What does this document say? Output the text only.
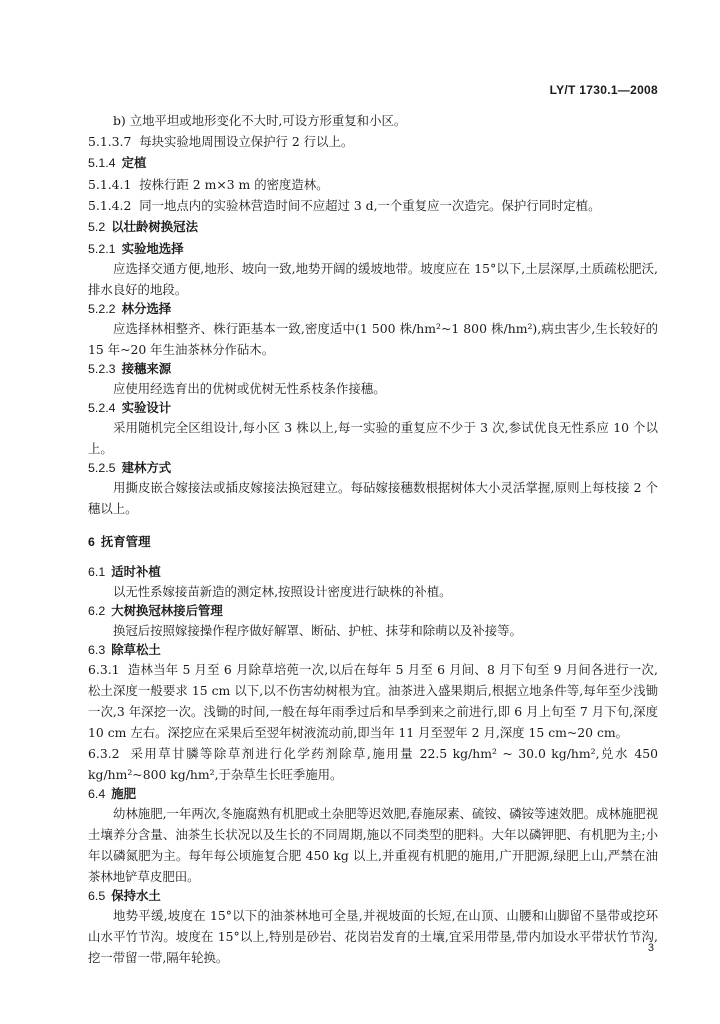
LY/T 1730.1—2008
b) 立地平坦或地形变化不大时,可设方形重复和小区。
5.1.3.7 每块实验地周围设立保护行 2 行以上。
5.1.4 定植
5.1.4.1 按株行距 2 m×3 m 的密度造林。
5.1.4.2 同一地点内的实验林营造时间不应超过 3 d,一个重复应一次造完。保护行同时定植。
5.2 以壮龄树换冠法
5.2.1 实验地选择
应选择交通方便,地形、坡向一致,地势开阔的缓坡地带。坡度应在 15°以下,土层深厚,土质疏松肥沃,排水良好的地段。
5.2.2 林分选择
应选择林相整齐、株行距基本一致,密度适中(1 500 株/hm²~1 800 株/hm²),病虫害少,生长较好的 15 年~20 年生油茶林分作砧木。
5.2.3 接穗来源
应使用经选育出的优树或优树无性系枝条作接穗。
5.2.4 实验设计
采用随机完全区组设计,每小区 3 株以上,每一实验的重复应不少于 3 次,参试优良无性系应 10 个以上。
5.2.5 建林方式
用撕皮嵌合嫁接法或插皮嫁接法换冠建立。每砧嫁接穗数根据树体大小灵活掌握,原则上每枝接 2 个穗以上。
6 抚育管理
6.1 适时补植
以无性系嫁接苗新造的测定林,按照设计密度进行缺株的补植。
6.2 大树换冠林接后管理
换冠后按照嫁接操作程序做好解罩、断砧、护桩、抹芽和除萌以及补接等。
6.3 除草松土
6.3.1 造林当年 5 月至 6 月除草培蔸一次,以后在每年 5 月至 6 月间、8 月下旬至 9 月间各进行一次,松土深度一般要求 15 cm 以下,以不伤害幼树根为宜。油茶进入盛果期后,根据立地条件等,每年至少浅锄一次,3 年深挖一次。浅锄的时间,一般在每年雨季过后和旱季到来之前进行,即 6 月上旬至 7 月下旬,深度 10 cm 左右。深挖应在采果后至翌年树液流动前,即当年 11 月至翌年 2 月,深度 15 cm~20 cm。
6.3.2 采用草甘膦等除草剂进行化学药剂除草,施用量 22.5 kg/hm² ~ 30.0 kg/hm²,兑水 450 kg/hm²~800 kg/hm²,于杂草生长旺季施用。
6.4 施肥
幼林施肥,一年两次,冬施腐熟有机肥或土杂肥等迟效肥,春施尿素、硫铵、磷铵等速效肥。成林施肥视土壤养分含量、油茶生长状况以及生长的不同周期,施以不同类型的肥料。大年以磷钾肥、有机肥为主;小年以磷氮肥为主。每年每公顷施复合肥 450 kg 以上,并重视有机肥的施用,广开肥源,绿肥上山,严禁在油茶林地铲草皮肥田。
6.5 保持水土
地势平缓,坡度在 15°以下的油茶林地可全垦,并视坡面的长短,在山顶、山腰和山脚留不垦带或挖环山水平竹节沟。坡度在 15°以上,特别是砂岩、花岗岩发育的土壤,宜采用带垦,带内加设水平带状竹节沟,挖一带留一带,隔年轮换。
3
